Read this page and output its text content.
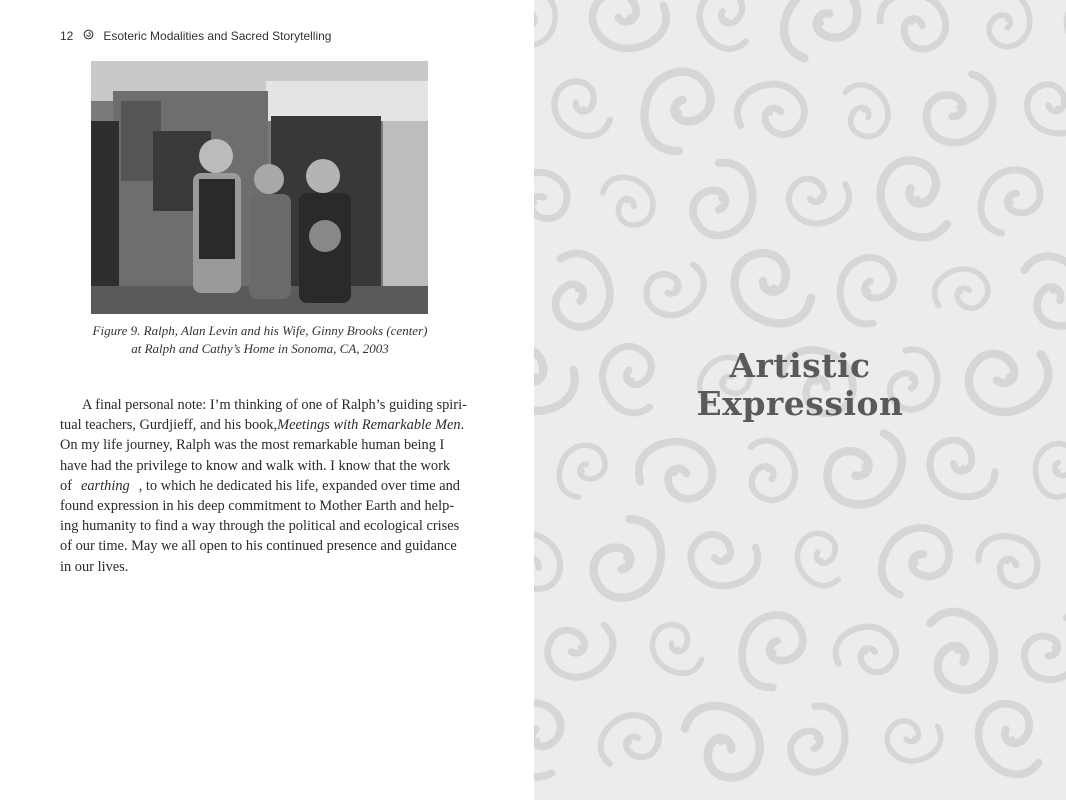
12	Esoteric Modalities and Sacred Storytelling
Figure 9. Ralph, Alan Levin and his Wife, Ginny Brooks (center)
at Ralph and Cathy’s Home in Sonoma, CA, 2003
A final personal note: I’m thinking of one of Ralph’s guiding spiri-
tual teachers, Gurdjieff, and his book, Meetings with Remarkable Men .
On my life journey, Ralph was the most remarkable human being I
have had the privilege to know and walk with. I know that the work
of earthing , to which he dedicated his life, expanded over time and
found expression in his deep commitment to Mother Earth and help-
ing humanity to find a way through the political and ecological crises
of our time. May we all open to his continued presence and guidance
in our lives.
Artistic
Expression
